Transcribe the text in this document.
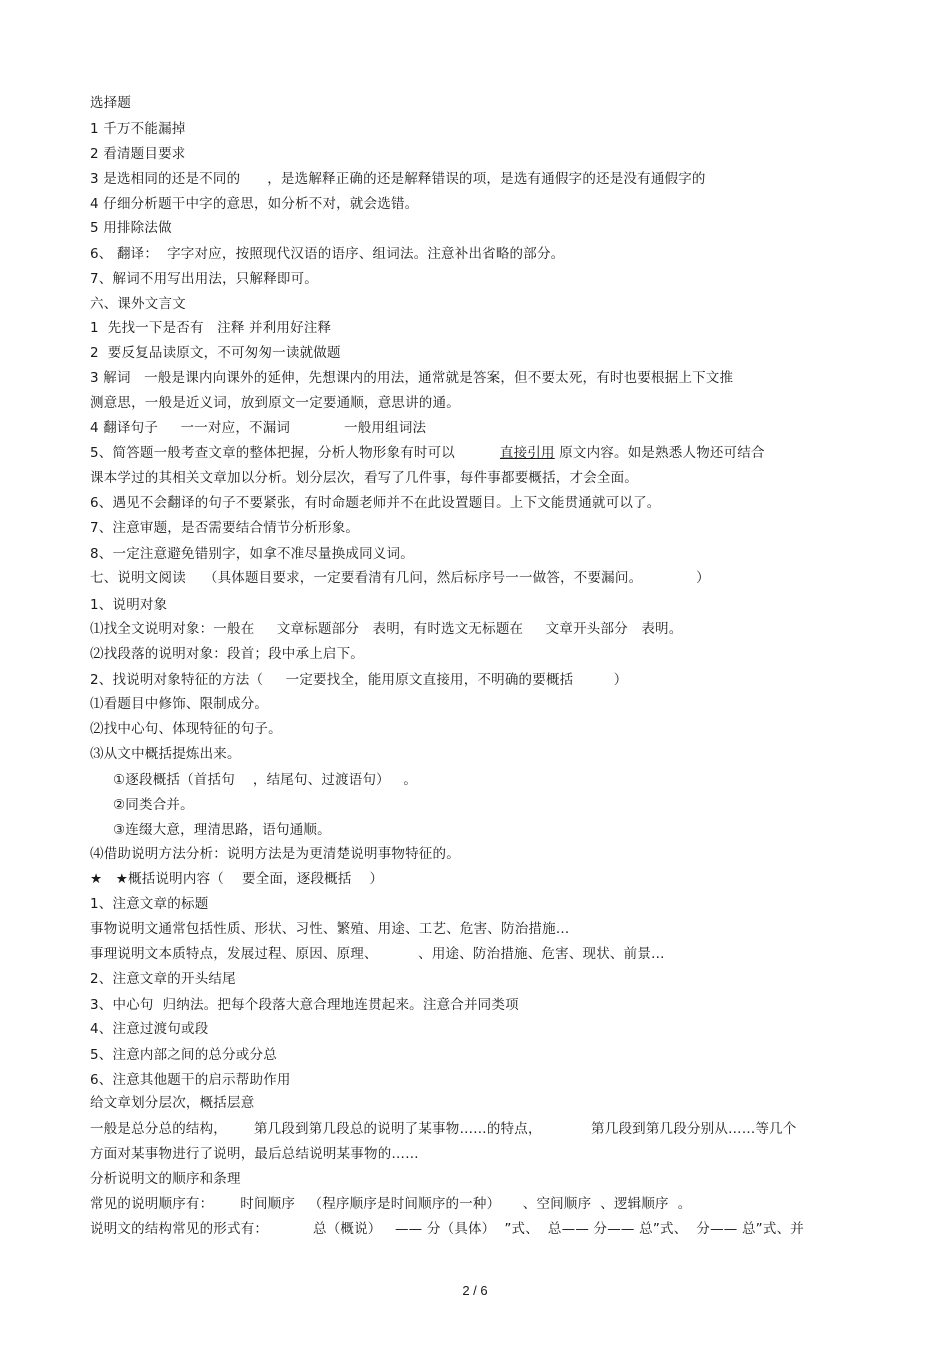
选择题
1 千万不能漏掉
2 看清题目要求
3 是选相同的还是不同的      ，是选解释正确的还是解释错误的项，是选有通假字的还是没有通假字的
4 仔细分析题干中字的意思，如分析不对，就会选错。
5 用排除法做
6、 翻译：  字字对应，按照现代汉语的语序、组词法。注意补出省略的部分。
7、解词不用写出用法，只解释即可。
六、课外文言文
1  先找一下是否有   注释 并利用好注释
2  要反复品读原文，不可匆匆一读就做题
3 解词   一般是课内向课外的延伸，先想课内的用法，通常就是答案，但不要太死，有时也要根据上下文推
测意思，一般是近义词，放到原文一定要通顺，意思讲的通。
4 翻译句子     一一对应，不漏词            一般用组词法
5、简答题一般考查文章的整体把握，分析人物形象有时可以          直接引用 原文内容。如是熟悉人物还可结合
课本学过的其相关文章加以分析。划分层次，看写了几件事，每件事都要概括，才会全面。
6、遇见不会翻译的句子不要紧张，有时命题老师并不在此设置题目。上下文能贯通就可以了。
7、注意审题，是否需要结合情节分析形象。
8、一定注意避免错别字，如拿不准尽量换成同义词。
七、说明文阅读    （具体题目要求，一定要看清有几问，然后标序号一一做答，不要漏问。            ）
1、说明对象
⑴找全文说明对象：一般在     文章标题部分   表明，有时选文无标题在     文章开头部分   表明。
⑵找段落的说明对象：段首；段中承上启下。
2、找说明对象特征的方法（     一定要找全，能用原文直接用，不明确的要概括         ）
⑴看题目中修饰、限制成分。
⑵找中心句、体现特征的句子。
⑶从文中概括提炼出来。
①逐段概括（首括句    ，结尾句、过渡语句）   。
②同类合并。
③连缀大意，理清思路，语句通顺。
⑷借助说明方法分析：说明方法是为更清楚说明事物特征的。
★   ★概括说明内容（    要全面，逐段概括    ）
1、注意文章的标题
事物说明文通常包括性质、形状、习性、繁殖、用途、工艺、危害、防治措施…
事理说明文本质特点，发展过程、原因、原理、         、用途、防治措施、危害、现状、前景…
2、注意文章的开头结尾
3、中心句  归纳法。把每个段落大意合理地连贯起来。注意合并同类项
4、注意过渡句或段
5、注意内部之间的总分或分总
6、注意其他题干的启示帮助作用
给文章划分层次，概括层意
一般是总分总的结构，      第几段到第几段总的说明了某事物……的特点，           第几段到第几段分别从……等几个
方面对某事物进行了说明，最后总结说明某事物的……
分析说明文的顺序和条理
常见的说明顺序有：      时间顺序   （程序顺序是时间顺序的一种）     、空间顺序  、逻辑顺序  。
说明文的结构常见的形式有：          总（概说）   —— 分（具体）  ”式、  总—— 分—— 总”式、  分—— 总”式、并
2 / 6
